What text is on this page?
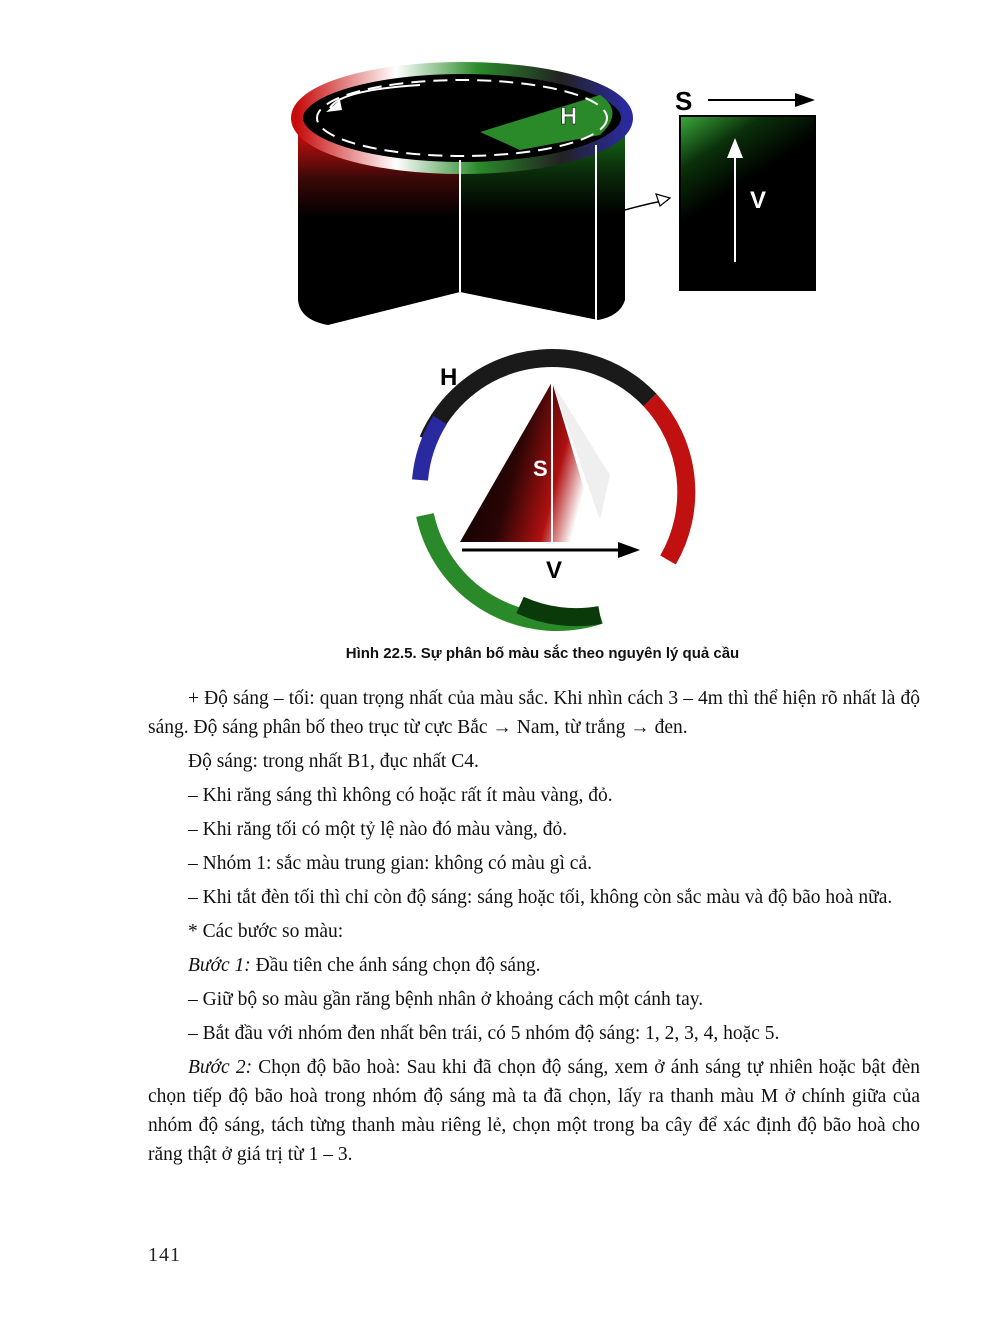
H
S
V
S
V
H
Hình 22.5. Sự phân bố màu sắc theo nguyên lý quả cầu

+ Độ sáng – tối: quan trọng nhất của màu sắc. Khi nhìn cách 3 – 4m thì thể hiện rõ nhất là độ sáng. Độ sáng phân bố theo trục từ cực Bắc → Nam, từ trắng → đen.

Độ sáng: trong nhất B1, đục nhất C4.

– Khi răng sáng thì không có hoặc rất ít màu vàng, đỏ.

– Khi răng tối có một tỷ lệ nào đó màu vàng, đỏ.

– Nhóm 1: sắc màu trung gian: không có màu gì cả.

– Khi tắt đèn tối thì chỉ còn độ sáng: sáng hoặc tối, không còn sắc màu và độ bão hoà nữa.

* Các bước so màu:

Bước 1: Đầu tiên che ánh sáng chọn độ sáng.

– Giữ bộ so màu gần răng bệnh nhân ở khoảng cách một cánh tay.

– Bắt đầu với nhóm đen nhất bên trái, có 5 nhóm độ sáng: 1, 2, 3, 4, hoặc 5.

Bước 2: Chọn độ bão hoà: Sau khi đã chọn độ sáng, xem ở ánh sáng tự nhiên hoặc bật đèn chọn tiếp độ bão hoà trong nhóm độ sáng mà ta đã chọn, lấy ra thanh màu M ở chính giữa của nhóm độ sáng, tách từng thanh màu riêng lẻ, chọn một trong ba cây để xác định độ bão hoà cho răng thật ở giá trị từ 1 – 3.

141
